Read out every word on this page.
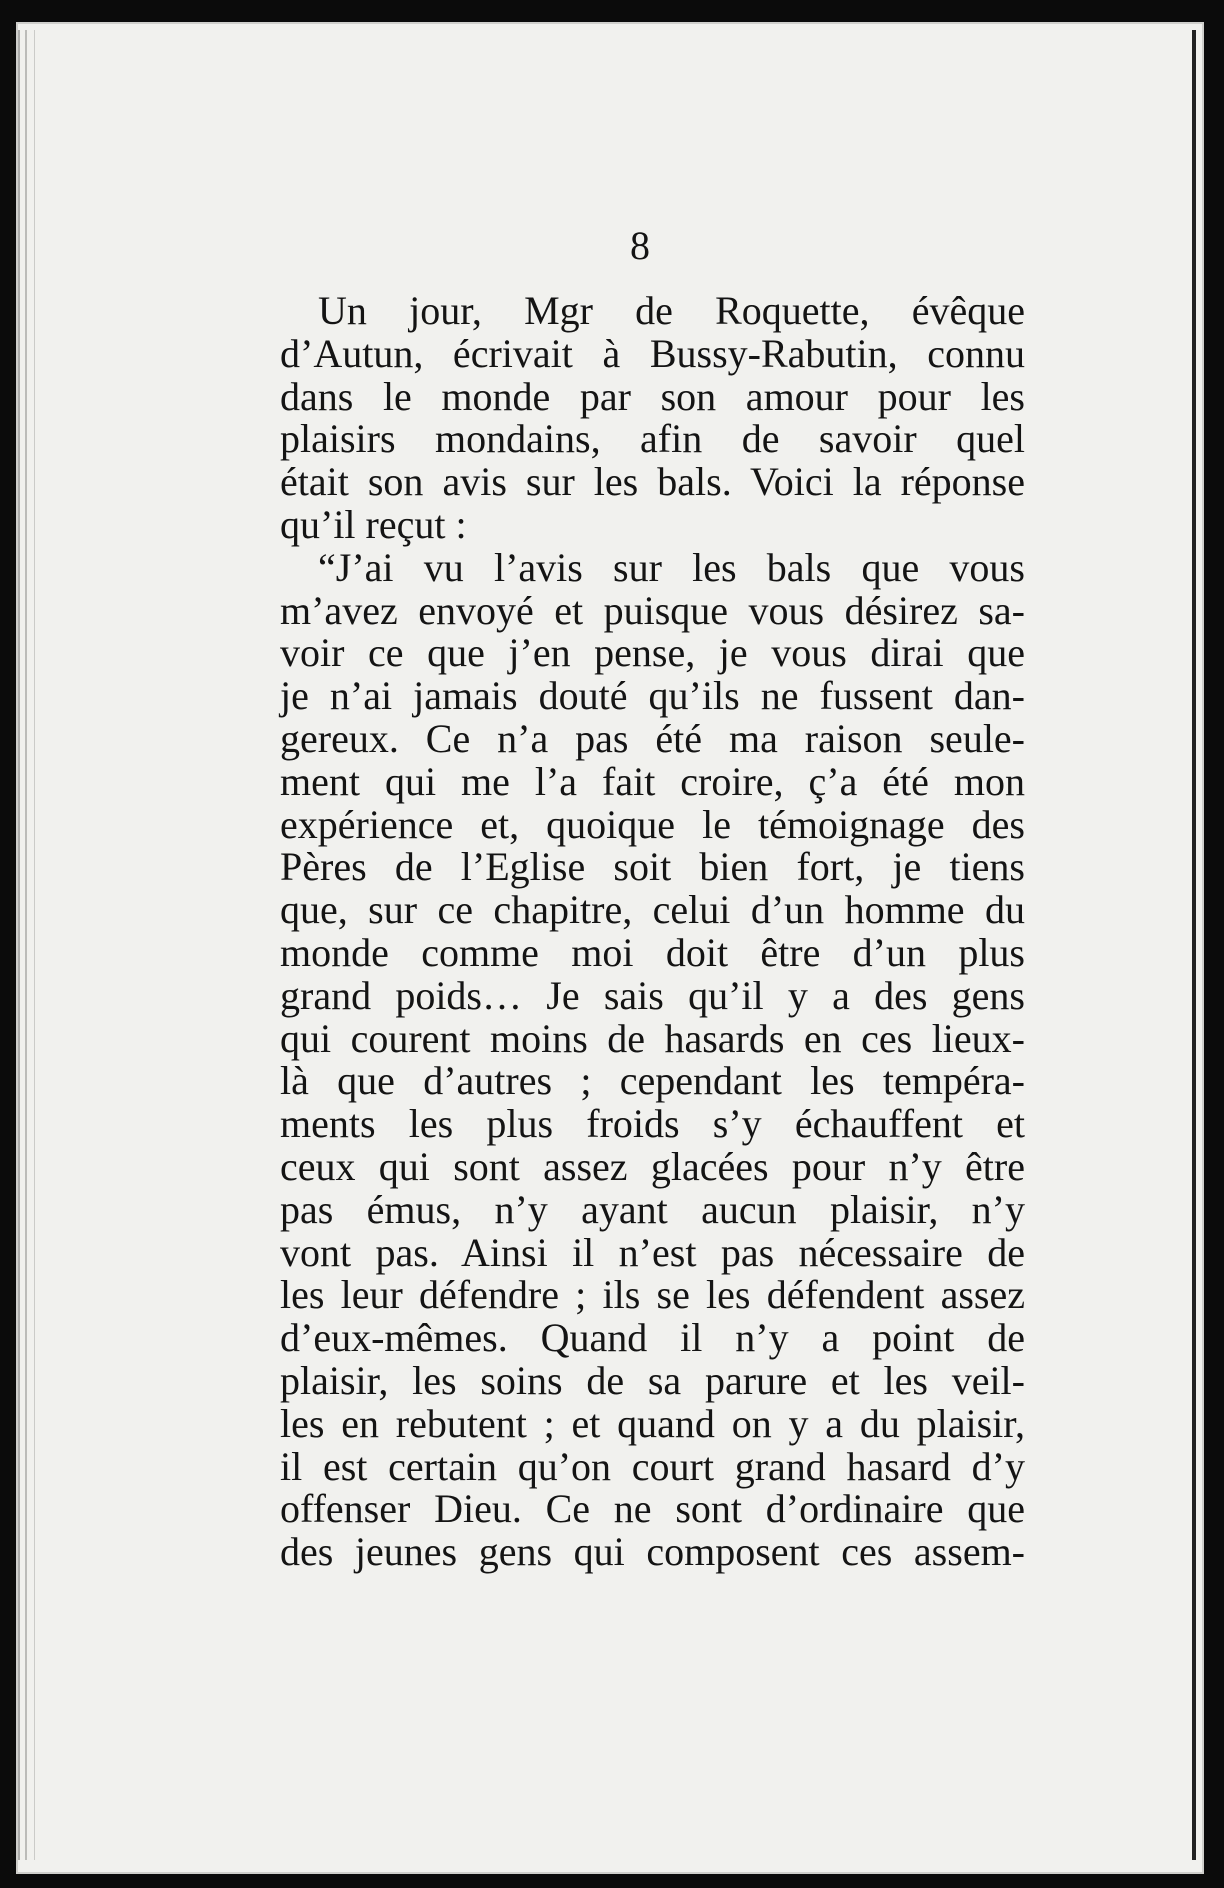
8
Un jour, Mgr de Roquette, évêque
d’Autun, écrivait à Bussy-Rabutin, connu
dans le monde par son amour pour les
plaisirs mondains, afin de savoir quel
était son avis sur les bals. Voici la réponse
qu’il reçut :
“J’ai vu l’avis sur les bals que vous
m’avez envoyé et puisque vous désirez sa-
voir ce que j’en pense, je vous dirai que
je n’ai jamais douté qu’ils ne fussent dan-
gereux. Ce n’a pas été ma raison seule-
ment qui me l’a fait croire, ç’a été mon
expérience et, quoique le témoignage des
Pères de l’Eglise soit bien fort, je tiens
que, sur ce chapitre, celui d’un homme du
monde comme moi doit être d’un plus
grand poids… Je sais qu’il y a des gens
qui courent moins de hasards en ces lieux-
là que d’autres ; cependant les tempéra-
ments les plus froids s’y échauffent et
ceux qui sont assez glacées pour n’y être
pas émus, n’y ayant aucun plaisir, n’y
vont pas. Ainsi il n’est pas nécessaire de
les leur défendre ; ils se les défendent assez
d’eux-mêmes. Quand il n’y a point de
plaisir, les soins de sa parure et les veil-
les en rebutent ; et quand on y a du plaisir,
il est certain qu’on court grand hasard d’y
offenser Dieu. Ce ne sont d’ordinaire que
des jeunes gens qui composent ces assem-
